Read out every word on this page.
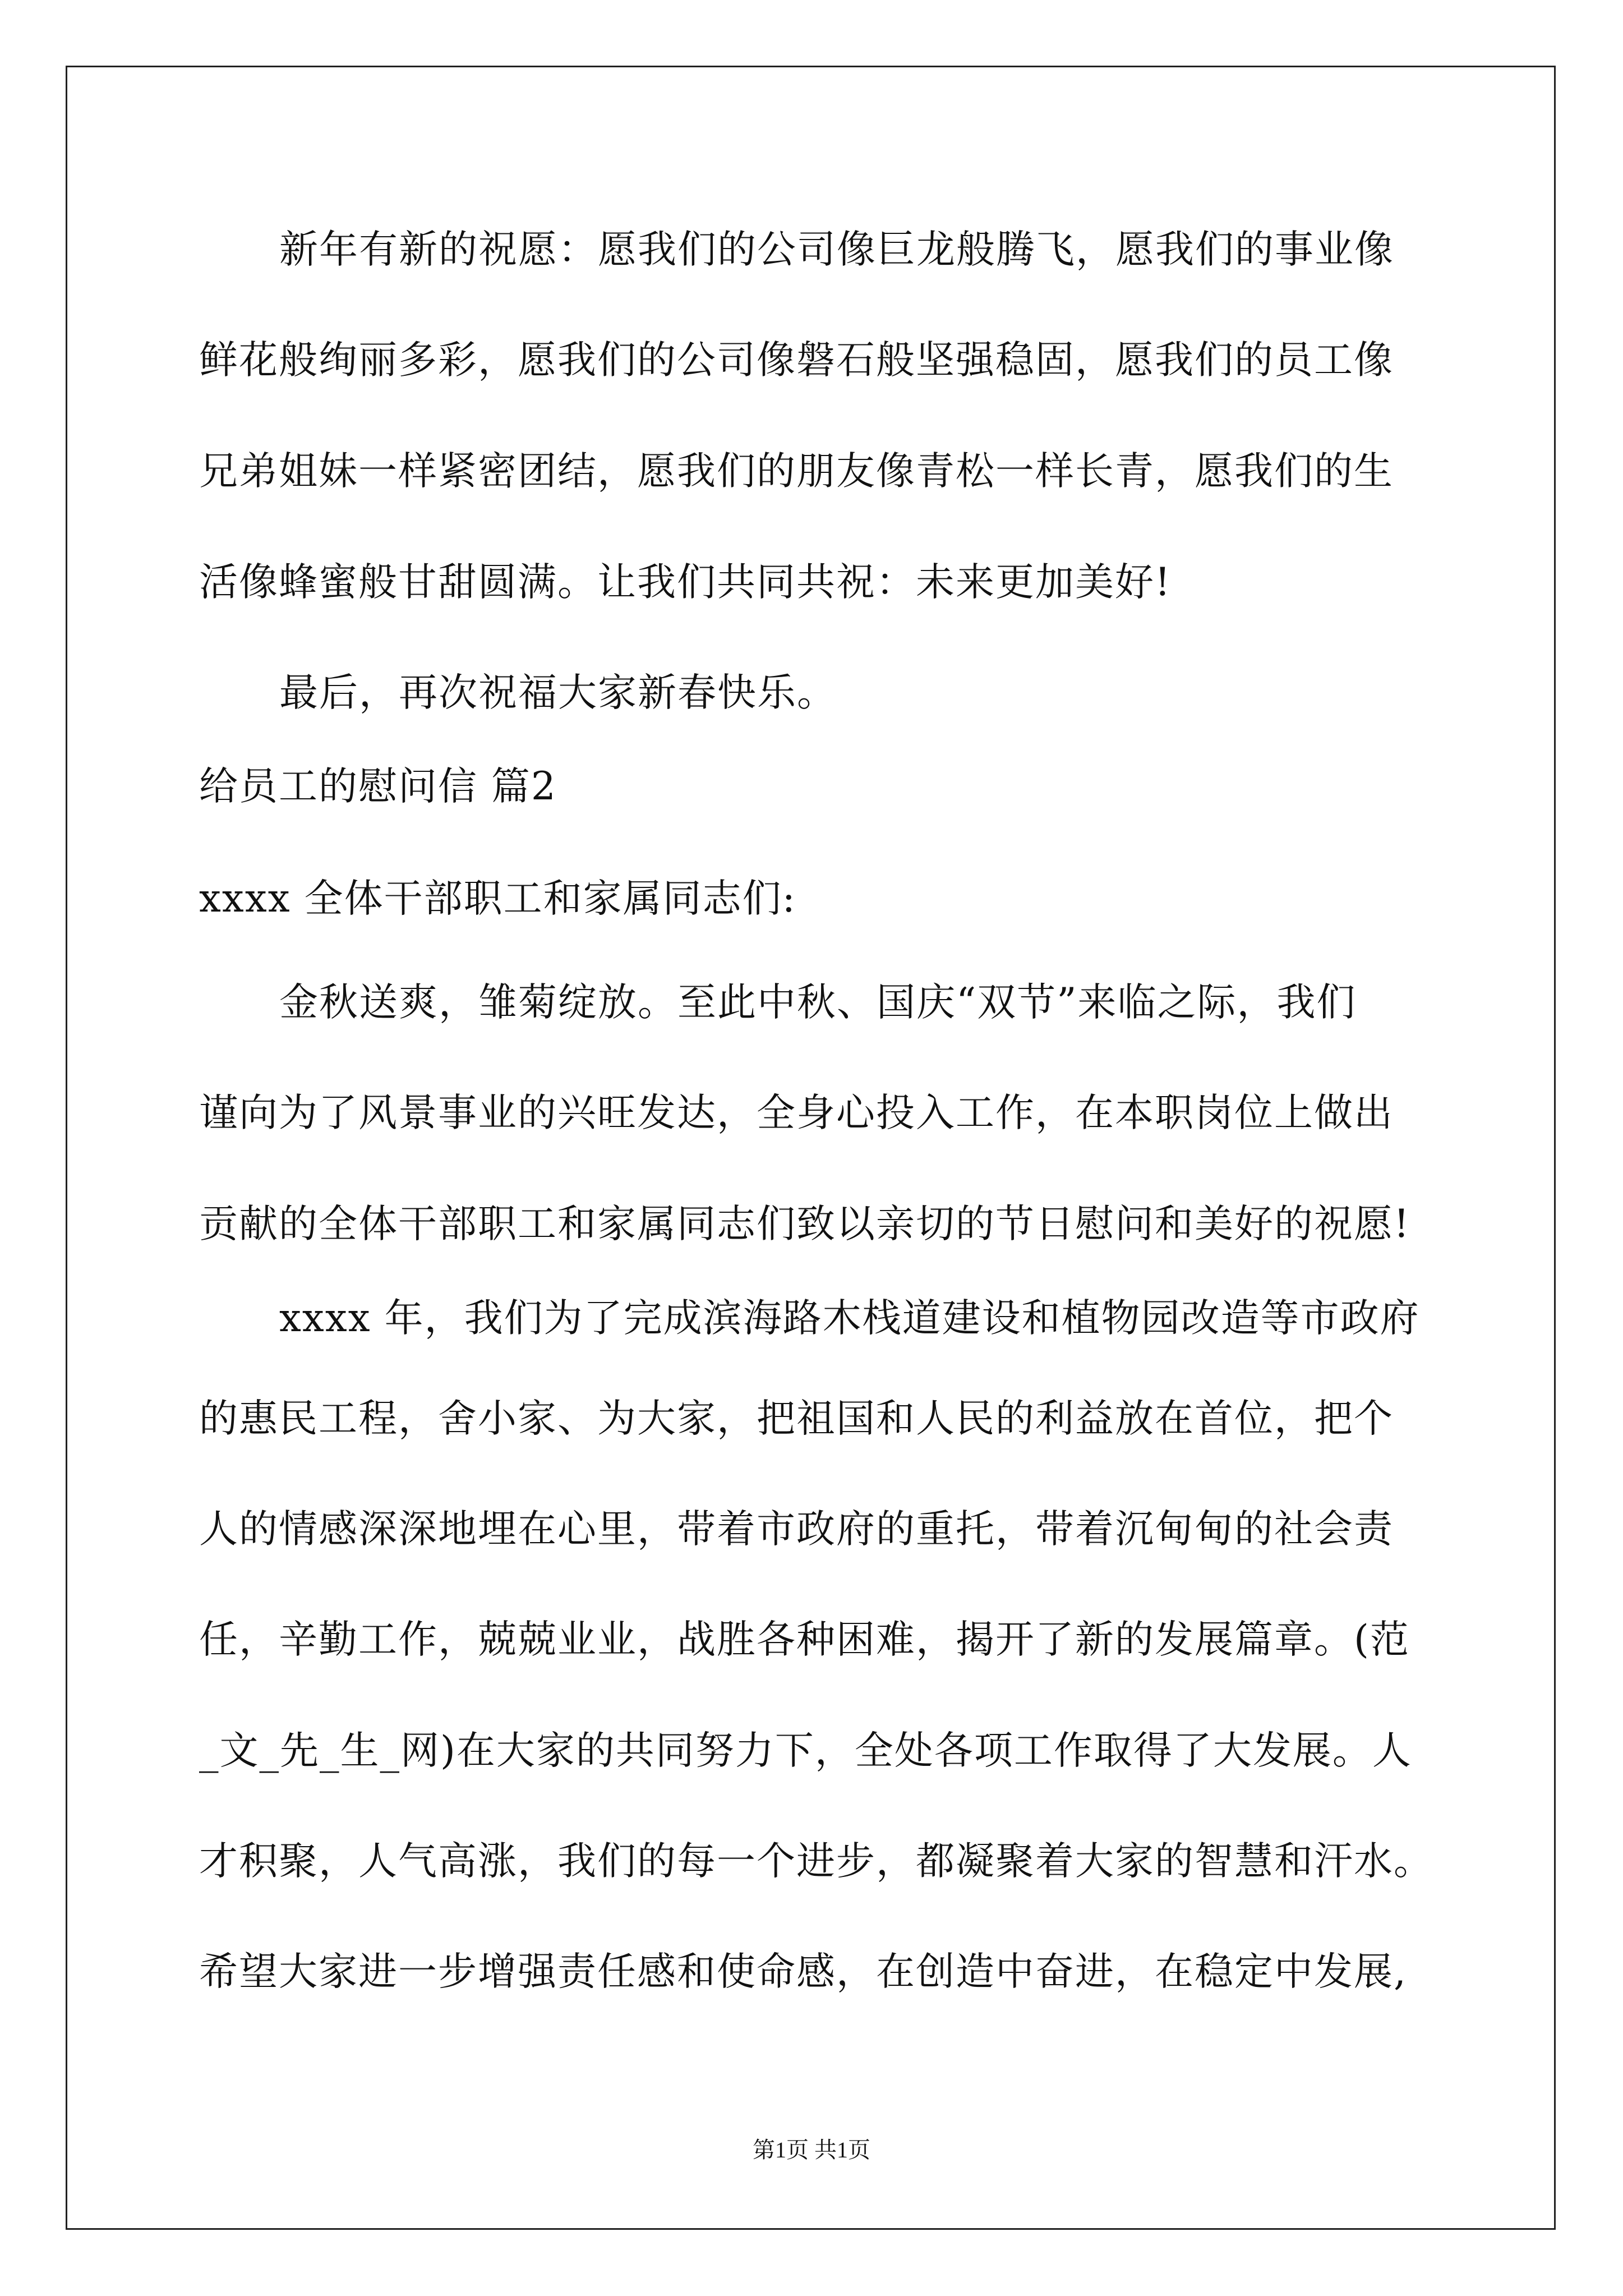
新年有新的祝愿：愿我们的公司像巨龙般腾飞，愿我们的事业像
鲜花般绚丽多彩，愿我们的公司像磐石般坚强稳固，愿我们的员工像
兄弟姐妹一样紧密团结，愿我们的朋友像青松一样长青，愿我们的生
活像蜂蜜般甘甜圆满。让我们共同共祝：未来更加美好!
最后，再次祝福大家新春快乐。
给员工的慰问信 篇2
xxxx 全体干部职工和家属同志们:
金秋送爽，雏菊绽放。至此中秋、国庆“双节”来临之际，我们
谨向为了风景事业的兴旺发达，全身心投入工作，在本职岗位上做出
贡献的全体干部职工和家属同志们致以亲切的节日慰问和美好的祝愿!
xxxx 年，我们为了完成滨海路木栈道建设和植物园改造等市政府
的惠民工程，舍小家、为大家，把祖国和人民的利益放在首位，把个
人的情感深深地埋在心里，带着市政府的重托，带着沉甸甸的社会责
任，辛勤工作，兢兢业业，战胜各种困难，揭开了新的发展篇章。(范
_文_先_生_网)在大家的共同努力下，全处各项工作取得了大发展。人
才积聚，人气高涨，我们的每一个进步，都凝聚着大家的智慧和汗水。
希望大家进一步增强责任感和使命感，在创造中奋进，在稳定中发展,
第1页 共1页
